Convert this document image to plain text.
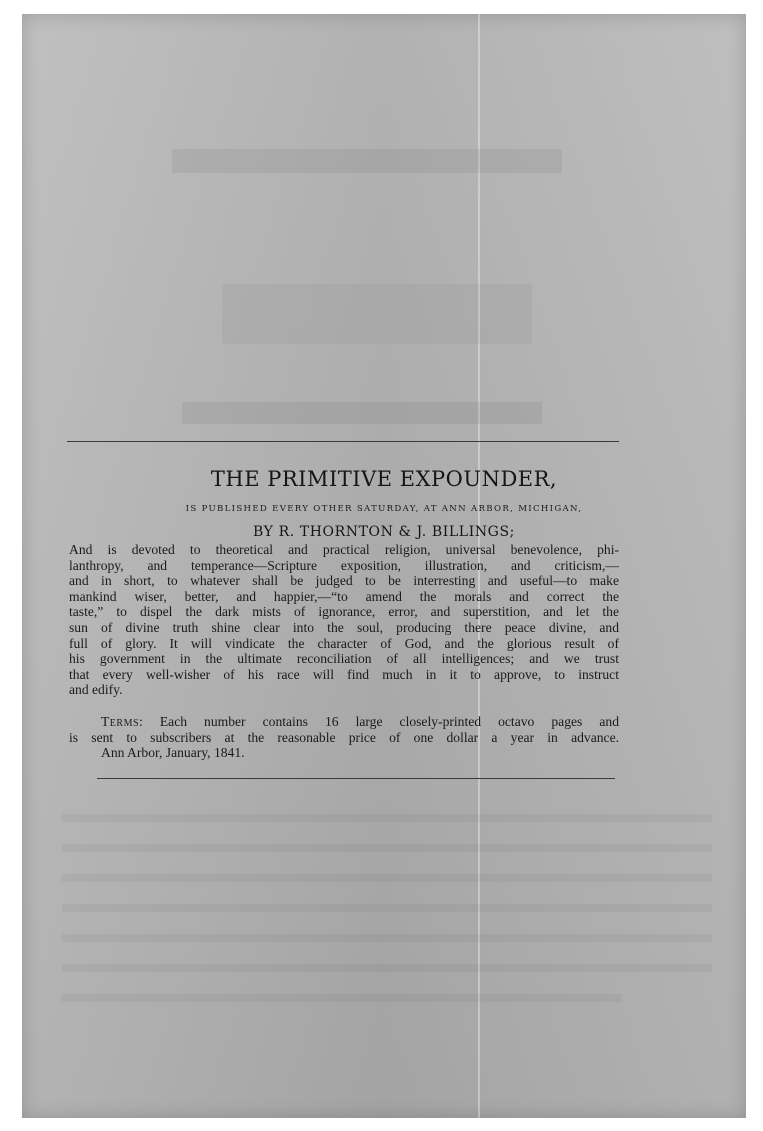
THE PRIMITIVE EXPOUNDER,
IS PUBLISHED EVERY OTHER SATURDAY, AT ANN ARBOR, MICHIGAN,
BY R. THORNTON & J. BILLINGS;
And is devoted to theoretical and practical religion, universal benevolence, phi-
lanthropy, and temperance—Scripture exposition, illustration, and criticism,—
and in short, to whatever shall be judged to be interresting and useful—to make
mankind wiser, better, and happier,—“to amend the morals and correct the
taste,” to dispel the dark mists of ignorance, error, and superstition, and let the
sun of divine truth shine clear into the soul, producing there peace divine, and
full of glory. It will vindicate the character of God, and the glorious result of
his government in the ultimate reconciliation of all intelligences; and we trust
that every well-wisher of his race will find much in it to approve, to instruct
and edify.
Terms: Each number contains 16 large closely-printed octavo pages and
is sent to subscribers at the reasonable price of one dollar a year in advance.
Ann Arbor, January, 1841.
